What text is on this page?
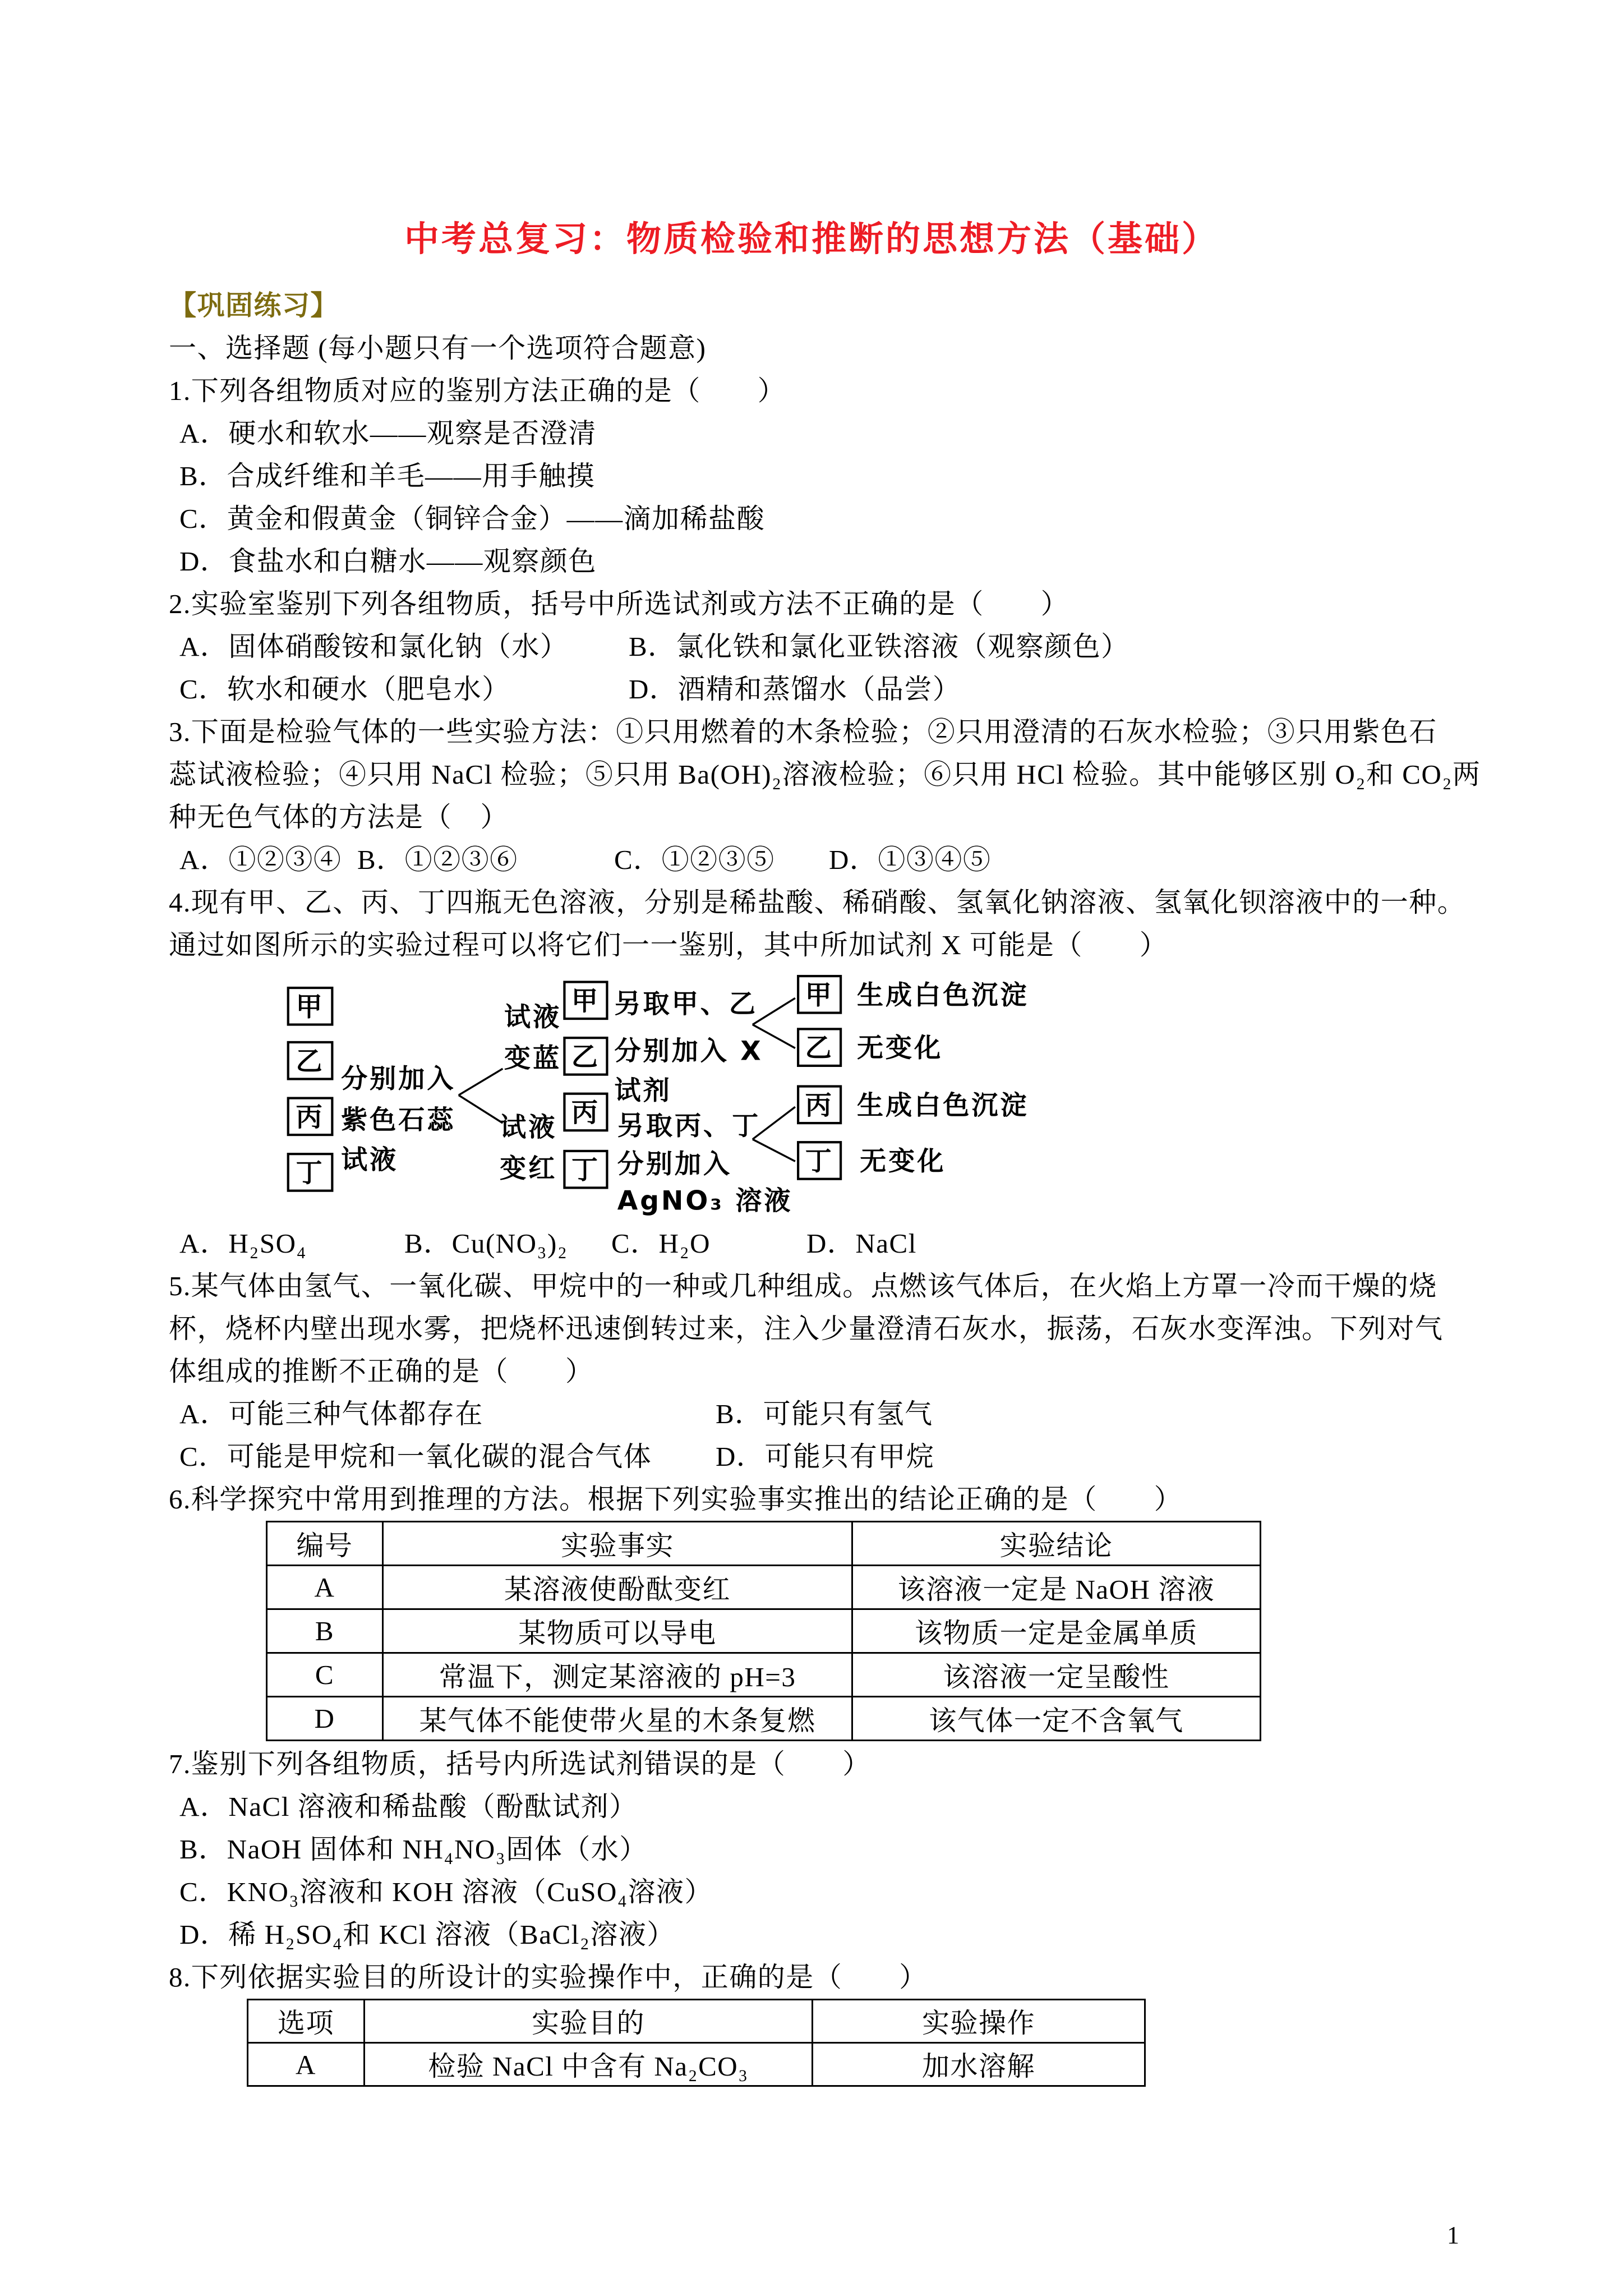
中考总复习：物质检验和推断的思想方法（基础）
【巩固练习】
一、选择题 (每小题只有一个选项符合题意)
1.下列各组物质对应的鉴别方法正确的是（　　）
A．硬水和软水——观察是否澄清
B．合成纤维和羊毛——用手触摸
C．黄金和假黄金（铜锌合金）——滴加稀盐酸
D．食盐水和白糖水——观察颜色
2.实验室鉴别下列各组物质，括号中所选试剂或方法不正确的是（　　）
A．固体硝酸铵和氯化钠（水） B．氯化铁和氯化亚铁溶液（观察颜色）
C．软水和硬水（肥皂水）	D．酒精和蒸馏水（品尝）
3.下面是检验气体的一些实验方法：①只用燃着的木条检验；②只用澄清的石灰水检验；③只用紫色石
蕊试液检验；④只用 NaCl 检验；⑤只用 Ba(OH)₂溶液检验；⑥只用 HCl 检验。其中能够区别 O₂和 CO₂两
种无色气体的方法是（　）
A．①②③④ B．①②③⑥	C．①②③⑤ D．①③④⑤
4.现有甲、乙、丙、丁四瓶无色溶液，分别是稀盐酸、稀硝酸、氢氧化钠溶液、氢氧化钡溶液中的一种。
通过如图所示的实验过程可以将它们一一鉴别，其中所加试剂 X 可能是（　　）
甲
乙
丙
丁
分别加入
紫色石蕊
试液
试液
变蓝
试液
变红
甲
乙
丙
丁
另取甲、乙
分别加入 X
试剂
另取丙、丁
分别加入
AgNO₃ 溶液
甲
乙
丙
丁
生成白色沉淀
无变化
生成白色沉淀
无变化
A．H₂SO₄	B．Cu(NO₃)₂ C．H₂O	D．NaCl
5.某气体由氢气、一氧化碳、甲烷中的一种或几种组成。点燃该气体后，在火焰上方罩一冷而干燥的烧
杯，烧杯内壁出现水雾，把烧杯迅速倒转过来，注入少量澄清石灰水，振荡，石灰水变浑浊。下列对气
体组成的推断不正确的是（　　）
A．可能三种气体都存在	B．可能只有氢气
C．可能是甲烷和一氧化碳的混合气体 D．可能只有甲烷
6.科学探究中常用到推理的方法。根据下列实验事实推出的结论正确的是（　　）
编号	实验事实	实验结论
A	某溶液使酚酞变红	该溶液一定是 NaOH 溶液
B	某物质可以导电	该物质一定是金属单质
C	常温下，测定某溶液的 pH=3	该溶液一定呈酸性
D	某气体不能使带火星的木条复燃	该气体一定不含氧气
7.鉴别下列各组物质，括号内所选试剂错误的是（　　）
A．NaCl 溶液和稀盐酸（酚酞试剂）
B．NaOH 固体和 NH₄NO₃固体（水）
C．KNO₃溶液和 KOH 溶液（CuSO₄溶液）
D．稀 H₂SO₄和 KCl 溶液（BaCl₂溶液）
8.下列依据实验目的所设计的实验操作中，正确的是（　　）
选项	实验目的	实验操作
A	检验 NaCl 中含有 Na₂CO₃	加水溶解
1
